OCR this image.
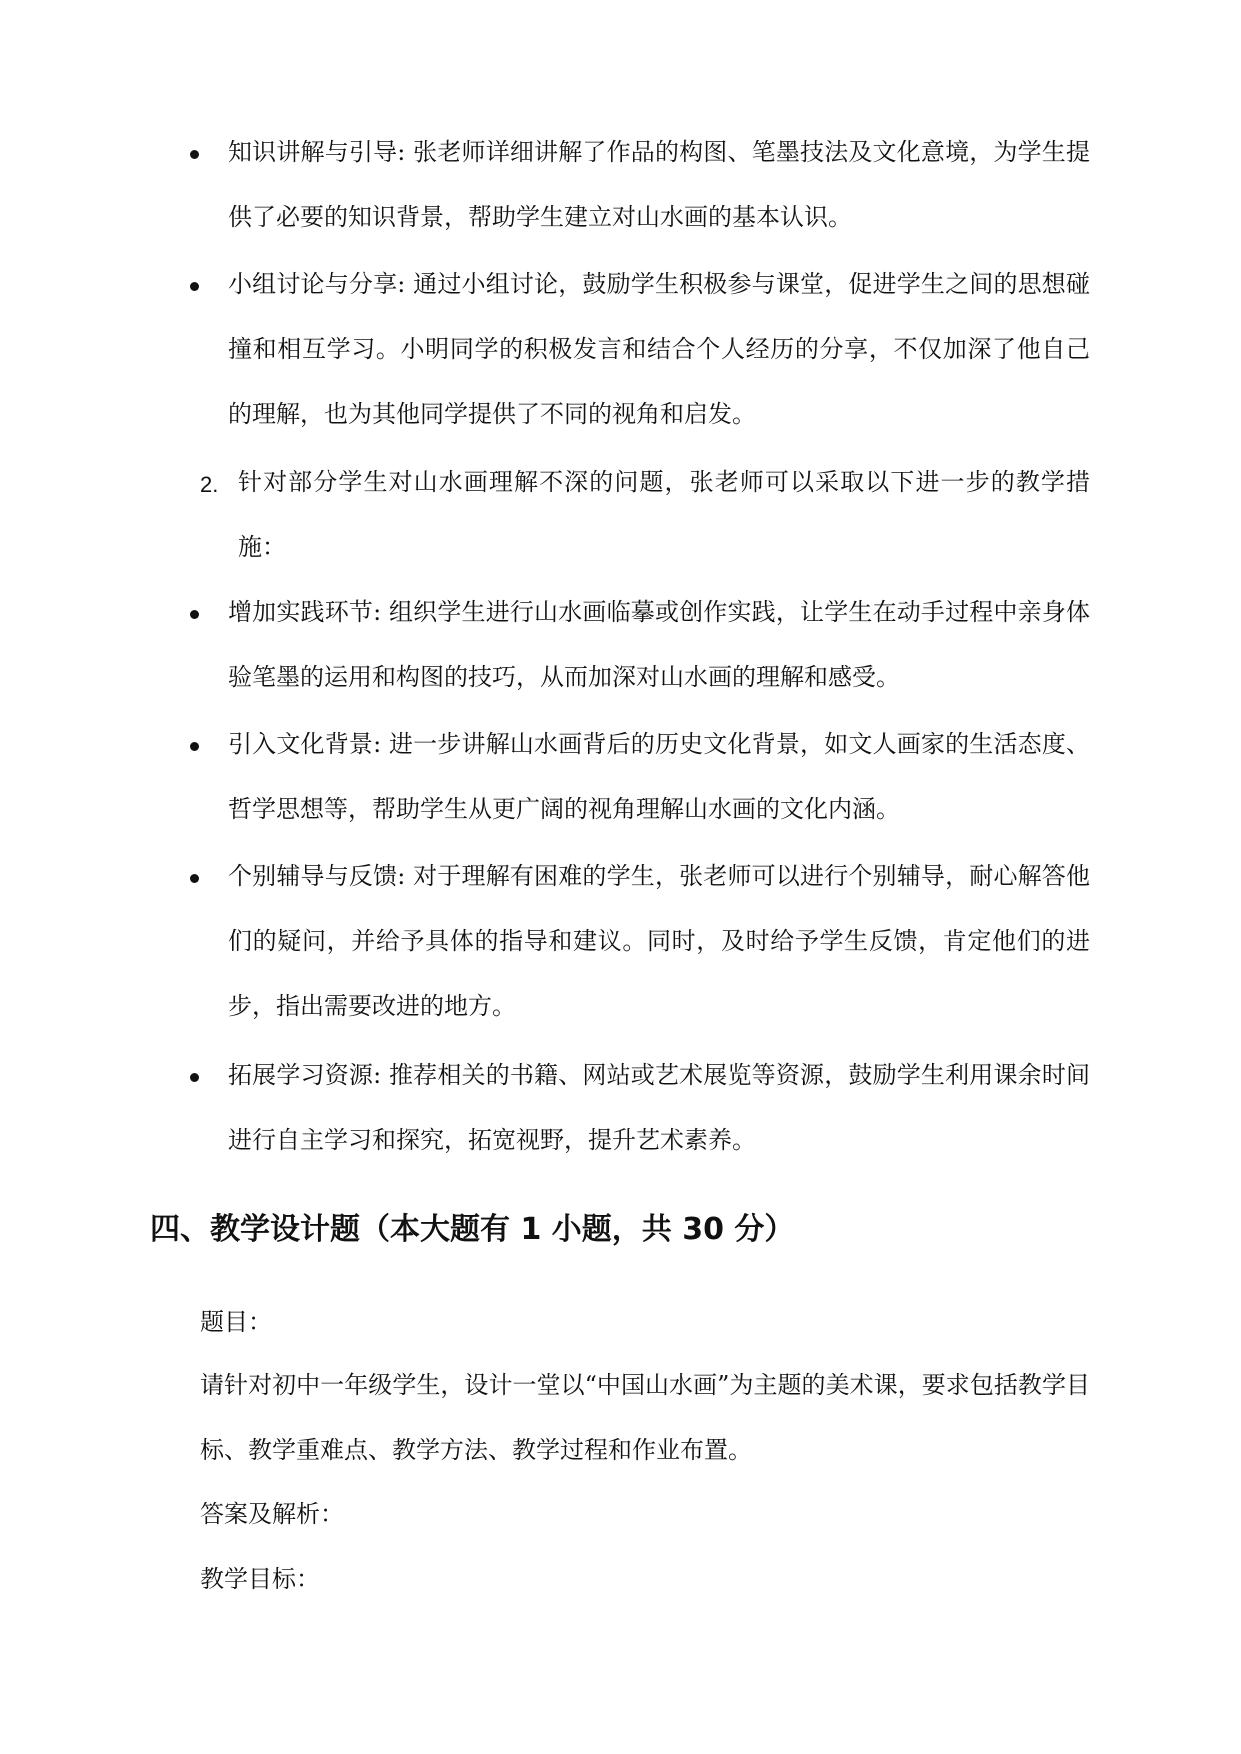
知识讲解与引导: 张老师详细讲解了作品的构图、笔墨技法及文化意境，为学生提供了必要的知识背景，帮助学生建立对山水画的基本认识。
小组讨论与分享: 通过小组讨论，鼓励学生积极参与课堂，促进学生之间的思想碰撞和相互学习。小明同学的积极发言和结合个人经历的分享，不仅加深了他自己的理解，也为其他同学提供了不同的视角和启发。
2. 针对部分学生对山水画理解不深的问题，张老师可以采取以下进一步的教学措施：
增加实践环节: 组织学生进行山水画临摹或创作实践，让学生在动手过程中亲身体验笔墨的运用和构图的技巧，从而加深对山水画的理解和感受。
引入文化背景: 进一步讲解山水画背后的历史文化背景，如文人画家的生活态度、哲学思想等，帮助学生从更广阔的视角理解山水画的文化内涵。
个别辅导与反馈: 对于理解有困难的学生，张老师可以进行个别辅导，耐心解答他们的疑问，并给予具体的指导和建议。同时，及时给予学生反馈，肯定他们的进步，指出需要改进的地方。
拓展学习资源: 推荐相关的书籍、网站或艺术展览等资源，鼓励学生利用课余时间进行自主学习和探究，拓宽视野，提升艺术素养。
四、教学设计题（本大题有 1 小题，共 30 分）
题目：
请针对初中一年级学生，设计一堂以“中国山水画”为主题的美术课，要求包括教学目标、教学重难点、教学方法、教学过程和作业布置。
答案及解析：
教学目标：
